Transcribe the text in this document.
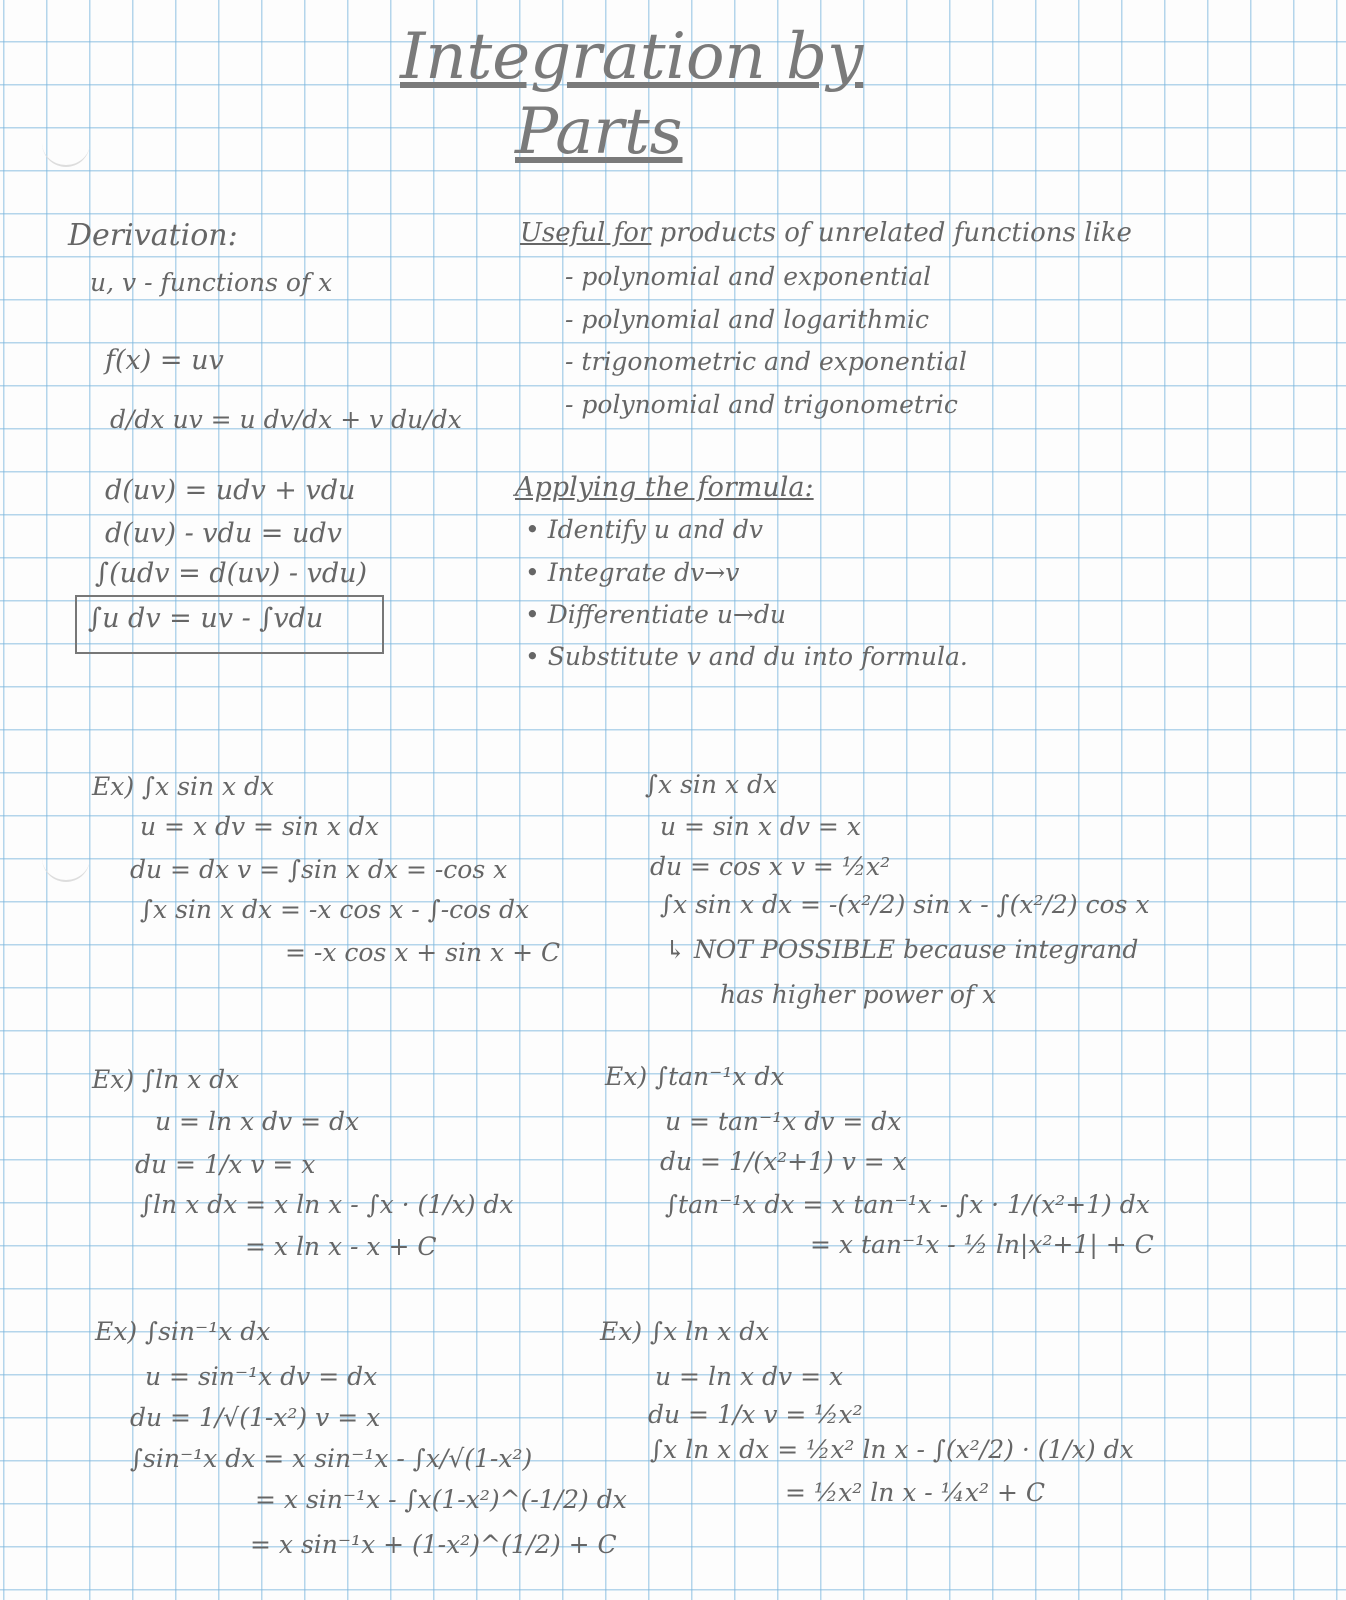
Integration by
Parts
Derivation:
u, v - functions of x
f(x) = uv
d/dx uv = u dv/dx + v du/dx
d(uv) = udv + vdu
d(uv) - vdu = udv
∫(udv = d(uv) - vdu)
∫u dv = uv - ∫vdu
Useful for products of unrelated functions like
- polynomial and exponential
- polynomial and logarithmic
- trigonometric and exponential
- polynomial and trigonometric
Applying the formula:
• Identify u and dv
• Integrate dv→v
• Differentiate u→du
• Substitute v and du into formula.
Ex) ∫x sin x dx
u = x dv = sin x dx
du = dx v = ∫sin x dx = -cos x
∫x sin x dx = -x cos x - ∫-cos dx
= -x cos x + sin x + C
∫x sin x dx
u = sin x dv = x
du = cos x v = ½x²
∫x sin x dx = -(x²/2) sin x - ∫(x²/2) cos x
↳ NOT POSSIBLE because integrand
has higher power of x
Ex) ∫ln x dx
u = ln x dv = dx
du = 1/x v = x
∫ln x dx = x ln x - ∫x · (1/x) dx
= x ln x - x + C
Ex) ∫tan⁻¹x dx
u = tan⁻¹x dv = dx
du = 1/(x²+1) v = x
∫tan⁻¹x dx = x tan⁻¹x - ∫x · 1/(x²+1) dx
= x tan⁻¹x - ½ ln|x²+1| + C
Ex) ∫sin⁻¹x dx
u = sin⁻¹x dv = dx
du = 1/√(1-x²) v = x
∫sin⁻¹x dx = x sin⁻¹x - ∫x/√(1-x²)
= x sin⁻¹x - ∫x(1-x²)^(-1/2) dx
= x sin⁻¹x + (1-x²)^(1/2) + C
Ex) ∫x ln x dx
u = ln x dv = x
du = 1/x v = ½x²
∫x ln x dx = ½x² ln x - ∫(x²/2) · (1/x) dx
= ½x² ln x - ¼x² + C
